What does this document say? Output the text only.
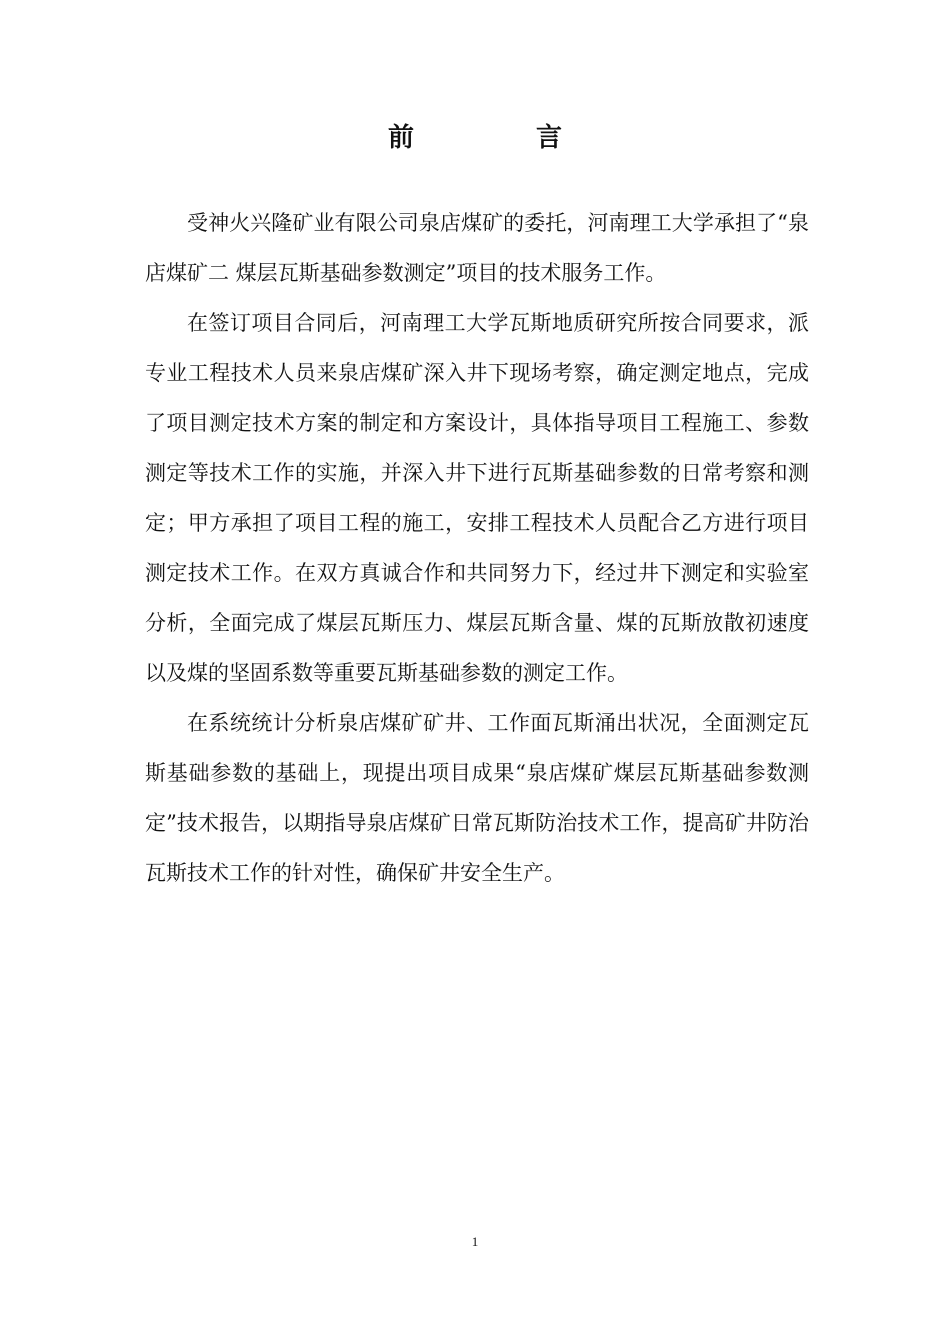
前　言

受神火兴隆矿业有限公司泉店煤矿的委托，河南理工大学承担了“泉店煤矿二 煤层瓦斯基础参数测定”项目的技术服务工作。

在签订项目合同后，河南理工大学瓦斯地质研究所按合同要求，派专业工程技术人员来泉店煤矿深入井下现场考察，确定测定地点，完成了项目测定技术方案的制定和方案设计，具体指导项目工程施工、参数测定等技术工作的实施，并深入井下进行瓦斯基础参数的日常考察和测定；甲方承担了项目工程的施工，安排工程技术人员配合乙方进行项目测定技术工作。在双方真诚合作和共同努力下，经过井下测定和实验室分析，全面完成了煤层瓦斯压力、煤层瓦斯含量、煤的瓦斯放散初速度以及煤的坚固系数等重要瓦斯基础参数的测定工作。

在系统统计分析泉店煤矿矿井、工作面瓦斯涌出状况，全面测定瓦斯基础参数的基础上，现提出项目成果“泉店煤矿煤层瓦斯基础参数测定”技术报告，以期指导泉店煤矿日常瓦斯防治技术工作，提高矿井防治瓦斯技术工作的针对性，确保矿井安全生产。

1
